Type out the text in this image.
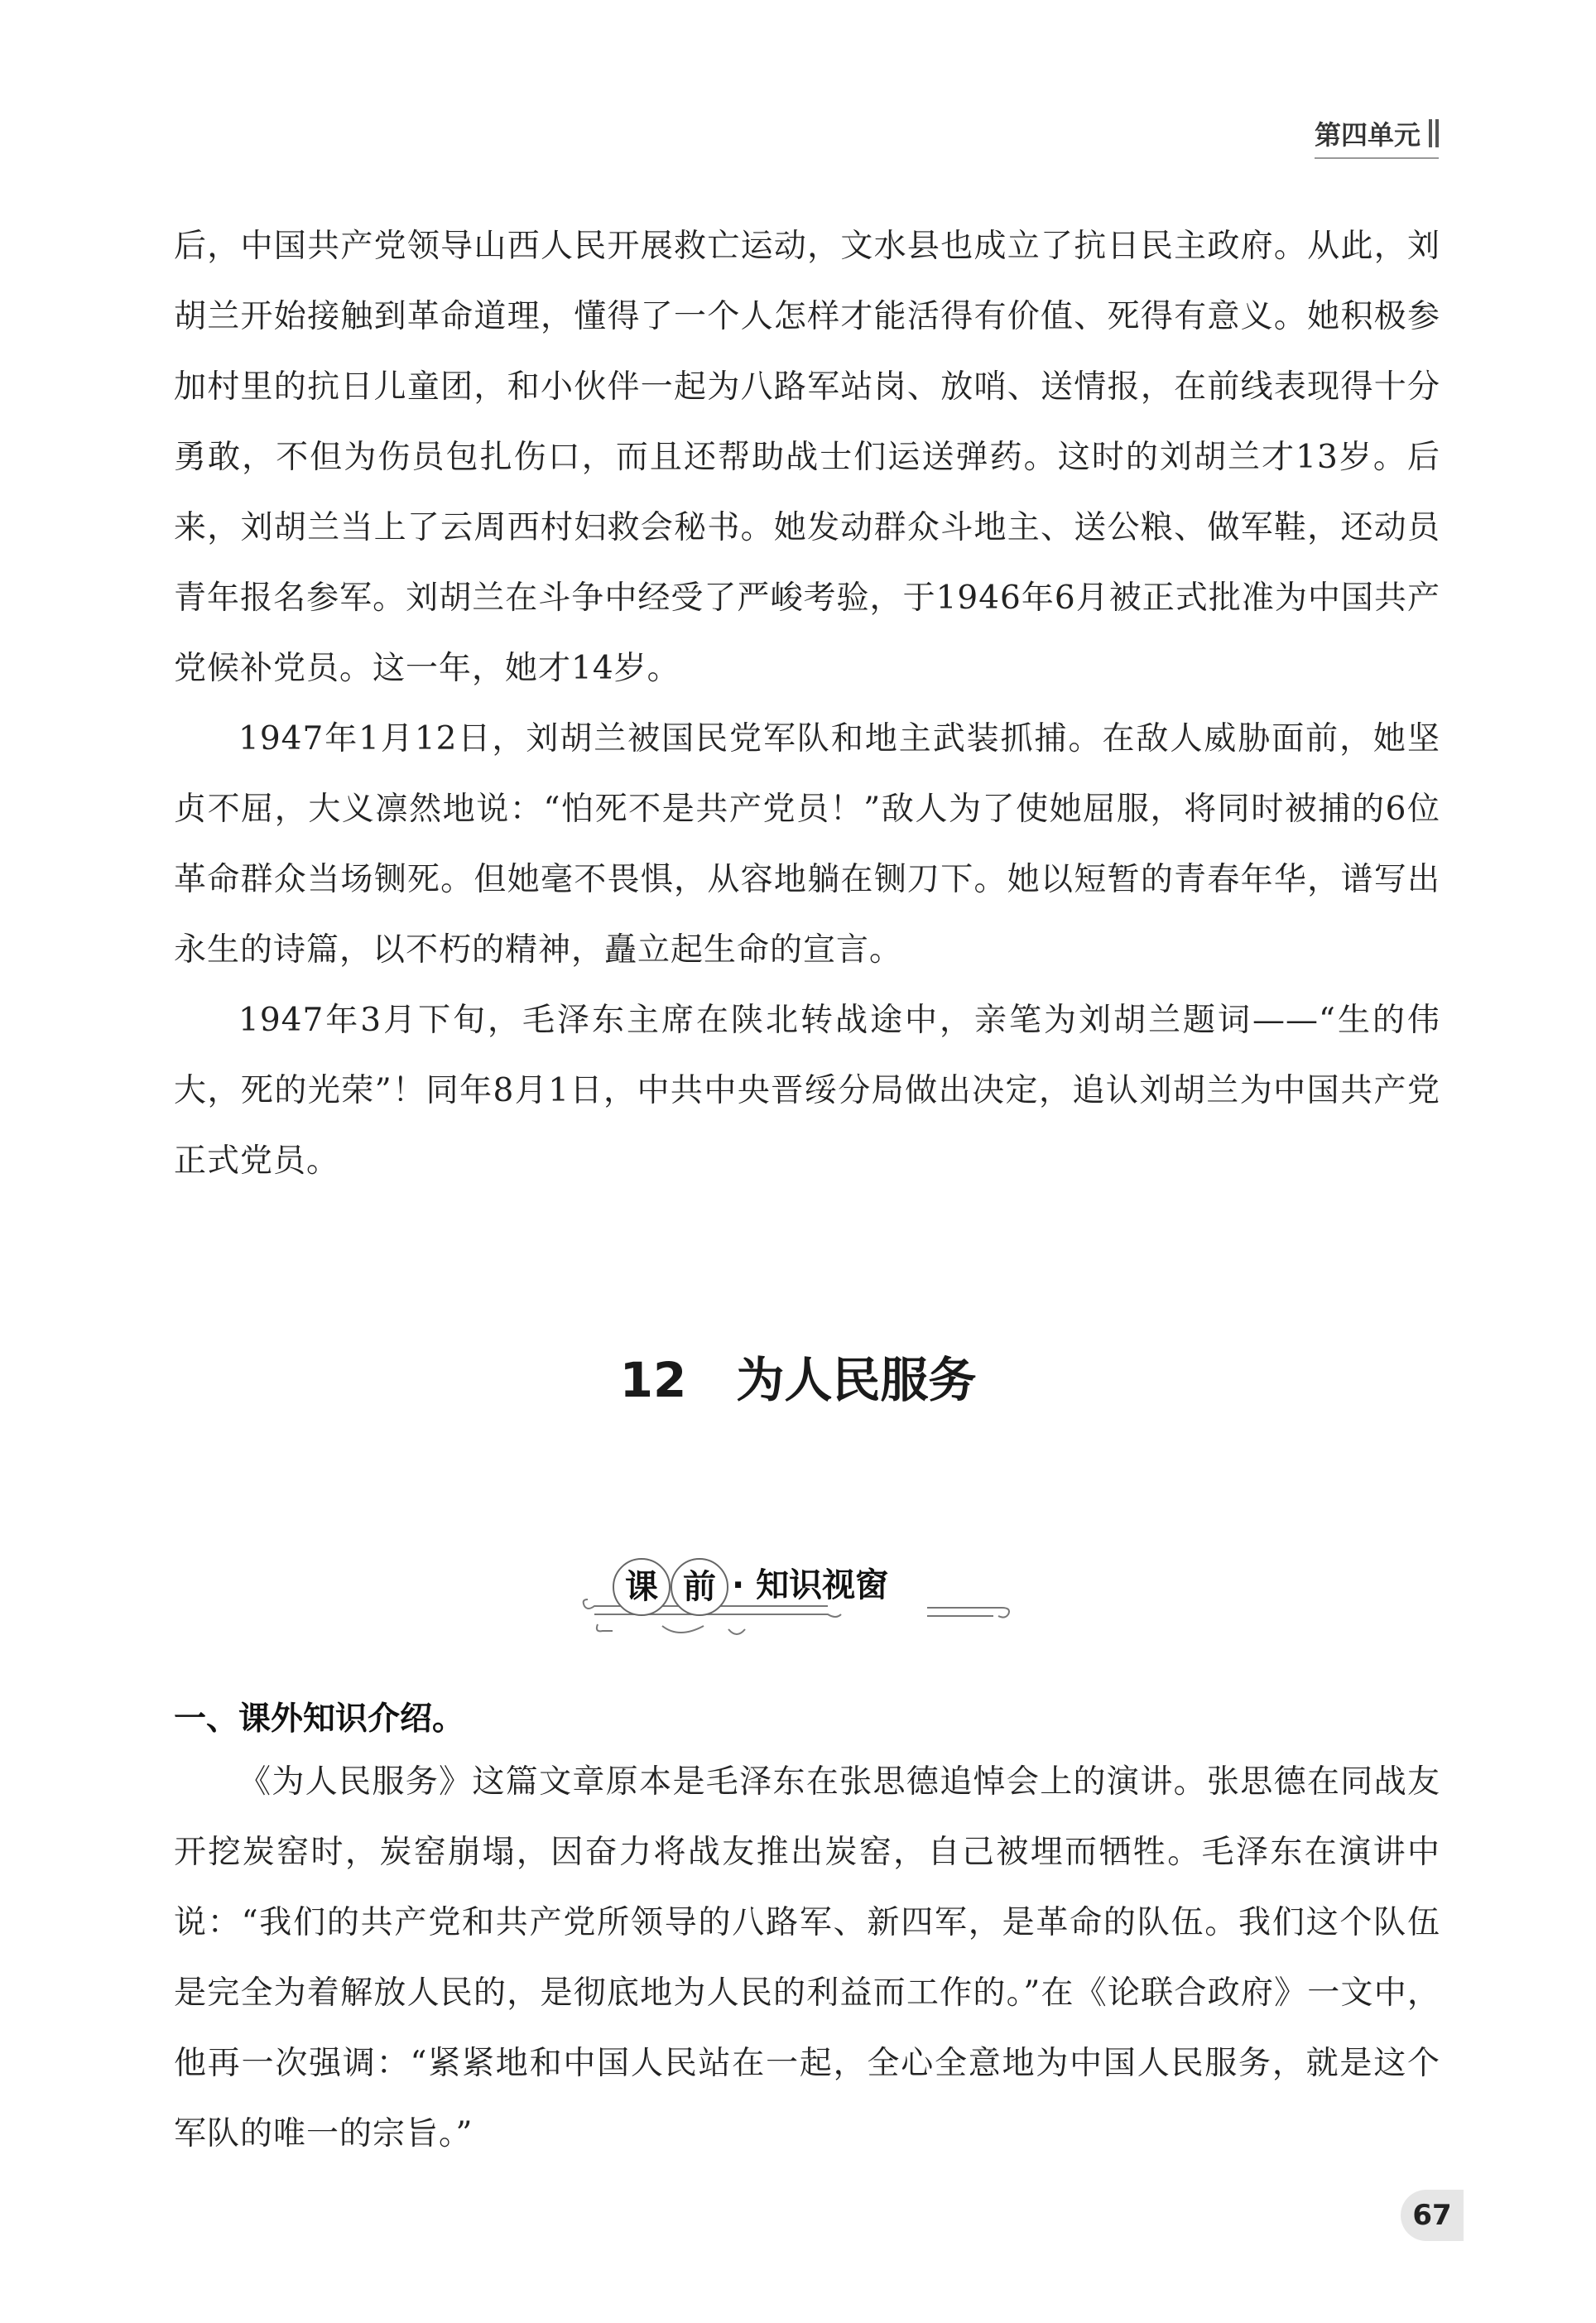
第四单元

后，中国共产党领导山西人民开展救亡运动，文水县也成立了抗日民主政府。从此，刘胡兰开始接触到革命道理，懂得了一个人怎样才能活得有价值、死得有意义。她积极参加村里的抗日儿童团，和小伙伴一起为八路军站岗、放哨、送情报，在前线表现得十分勇敢，不但为伤员包扎伤口，而且还帮助战士们运送弹药。这时的刘胡兰才13岁。后来，刘胡兰当上了云周西村妇救会秘书。她发动群众斗地主、送公粮、做军鞋，还动员青年报名参军。刘胡兰在斗争中经受了严峻考验，于1946年6月被正式批准为中国共产党候补党员。这一年，她才14岁。

1947年1月12日，刘胡兰被国民党军队和地主武装抓捕。在敌人威胁面前，她坚贞不屈，大义凛然地说：“怕死不是共产党员！”敌人为了使她屈服，将同时被捕的6位革命群众当场铡死。但她毫不畏惧，从容地躺在铡刀下。她以短暂的青春年华，谱写出永生的诗篇，以不朽的精神，矗立起生命的宣言。

1947年3月下旬，毛泽东主席在陕北转战途中，亲笔为刘胡兰题词——“生的伟大，死的光荣”！同年8月1日，中共中央晋绥分局做出决定，追认刘胡兰为中国共产党正式党员。

12 为人民服务
课 前 · 知识视窗
一、课外知识介绍。

《为人民服务》这篇文章原本是毛泽东在张思德追悼会上的演讲。张思德在同战友开挖炭窑时，炭窑崩塌，因奋力将战友推出炭窑，自己被埋而牺牲。毛泽东在演讲中说：“我们的共产党和共产党所领导的八路军、新四军，是革命的队伍。我们这个队伍是完全为着解放人民的，是彻底地为人民的利益而工作的。”在《论联合政府》一文中，他再一次强调：“紧紧地和中国人民站在一起，全心全意地为中国人民服务，就是这个军队的唯一的宗旨。”

67
